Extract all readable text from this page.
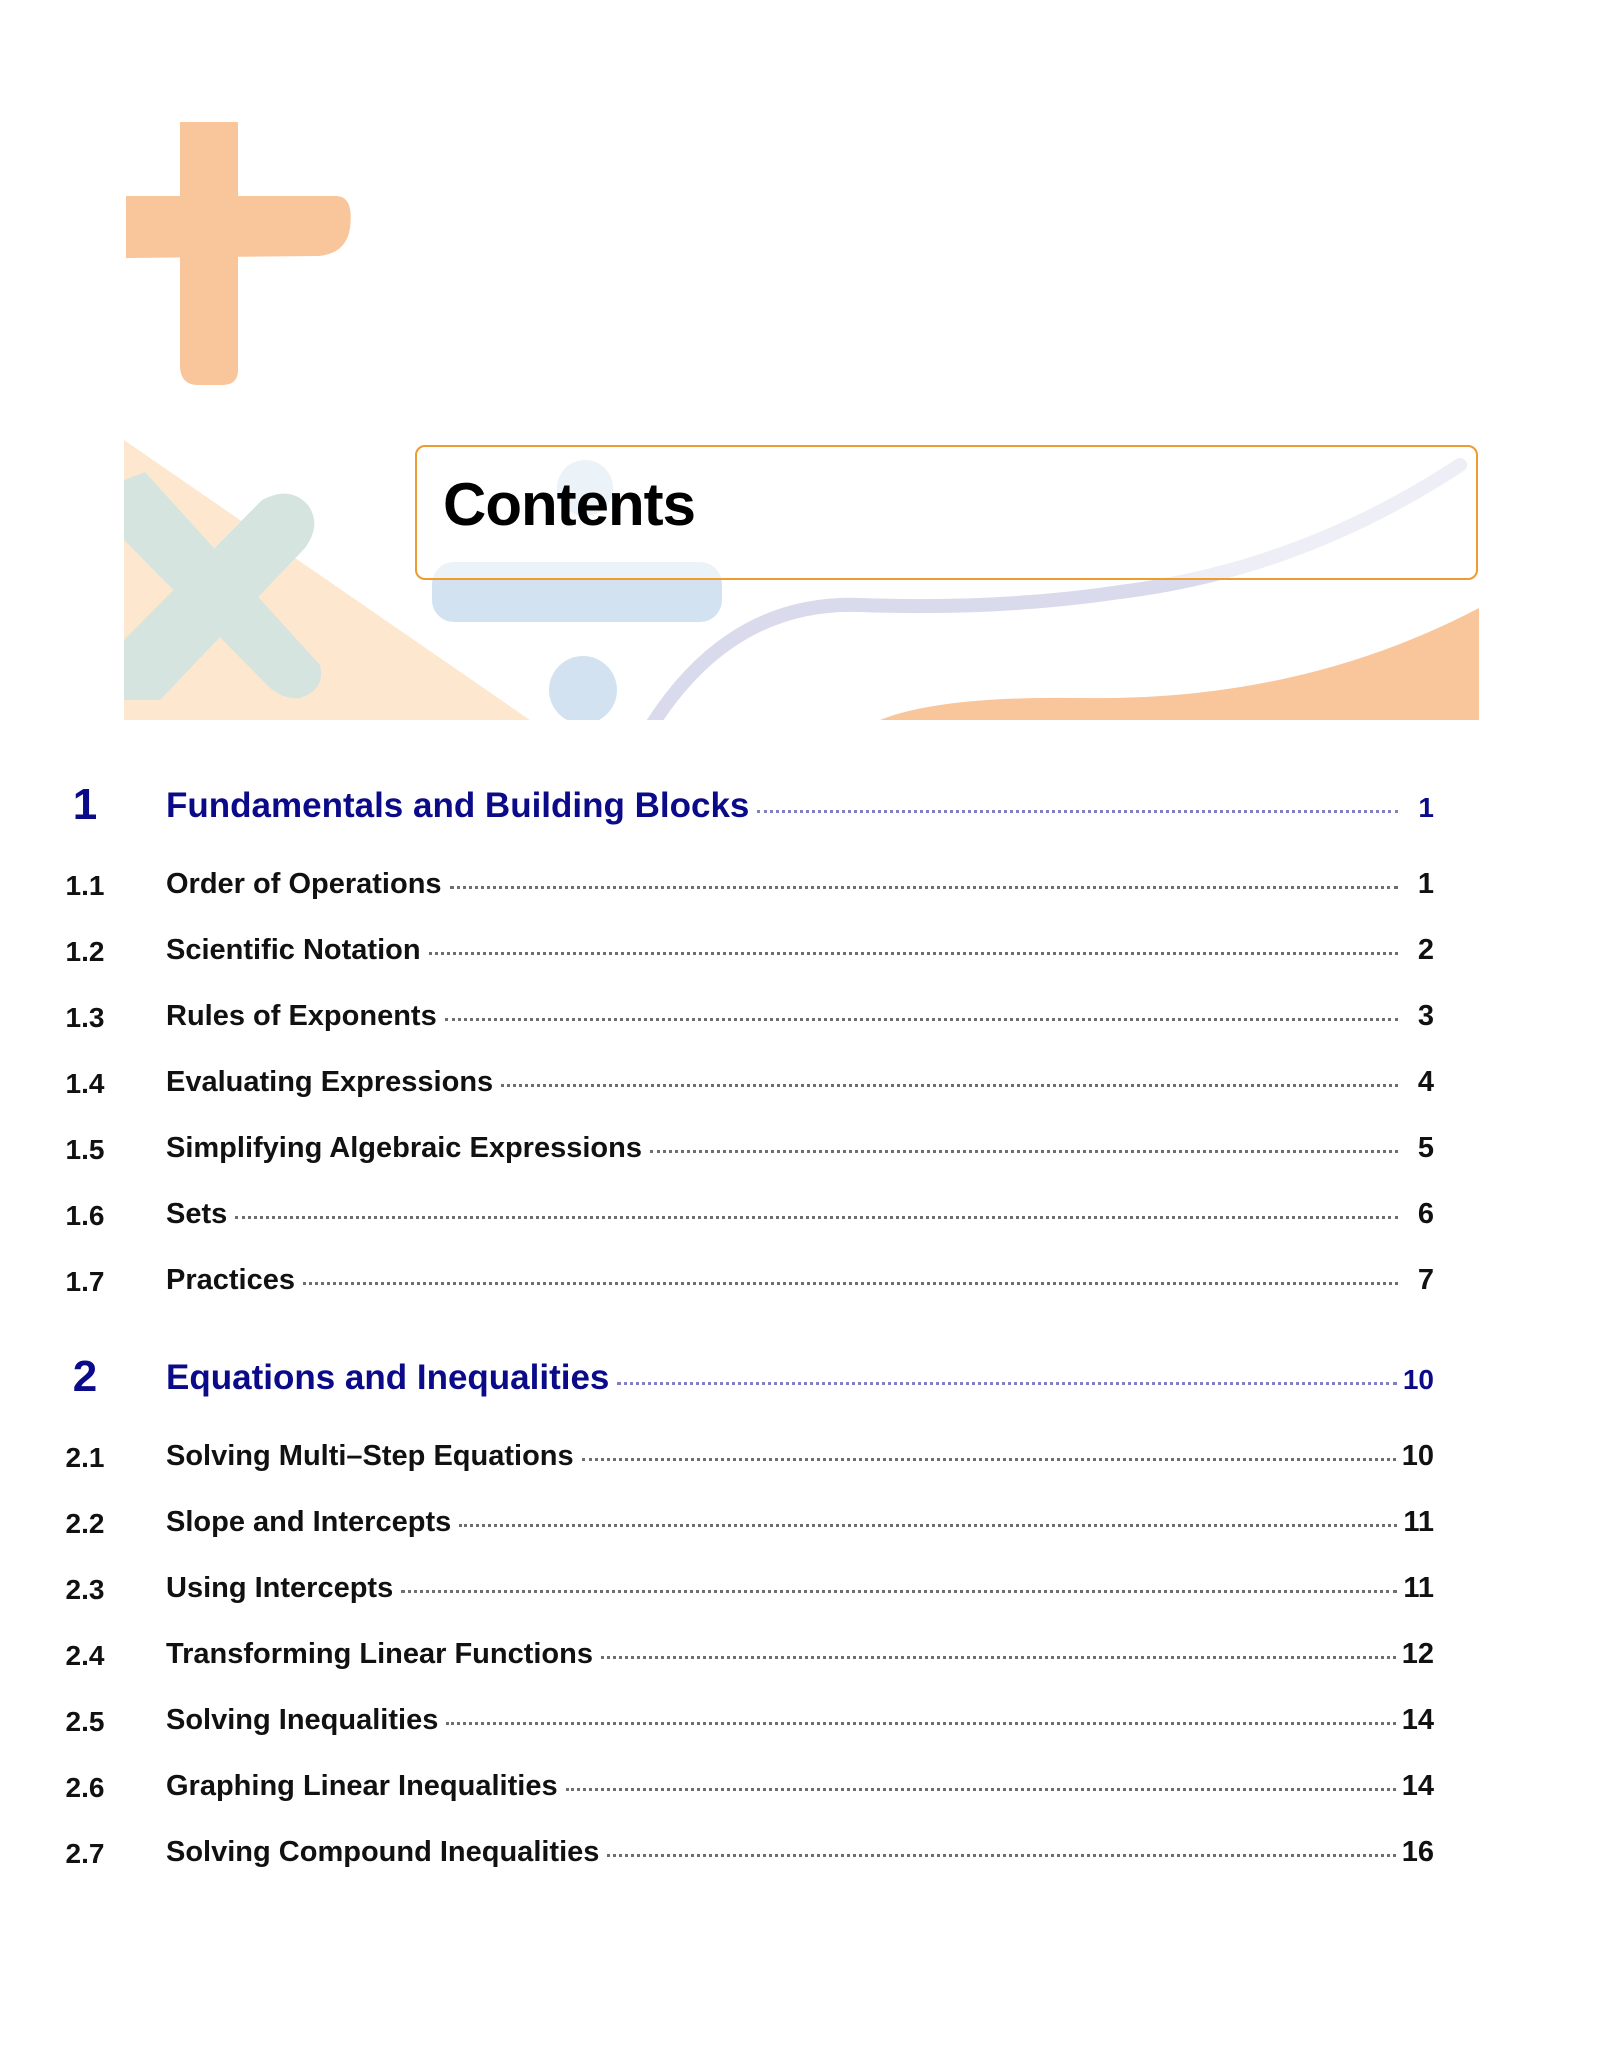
Contents
1	Fundamentals and Building Blocks	1
1.1	Order of Operations	1
1.2	Scientific Notation	2
1.3	Rules of Exponents	3
1.4	Evaluating Expressions	4
1.5	Simplifying Algebraic Expressions	5
1.6	Sets	6
1.7	Practices	7
2	Equations and Inequalities	10
2.1	Solving Multi–Step Equations	10
2.2	Slope and Intercepts	11
2.3	Using Intercepts	11
2.4	Transforming Linear Functions	12
2.5	Solving Inequalities	14
2.6	Graphing Linear Inequalities	14
2.7	Solving Compound Inequalities	16
